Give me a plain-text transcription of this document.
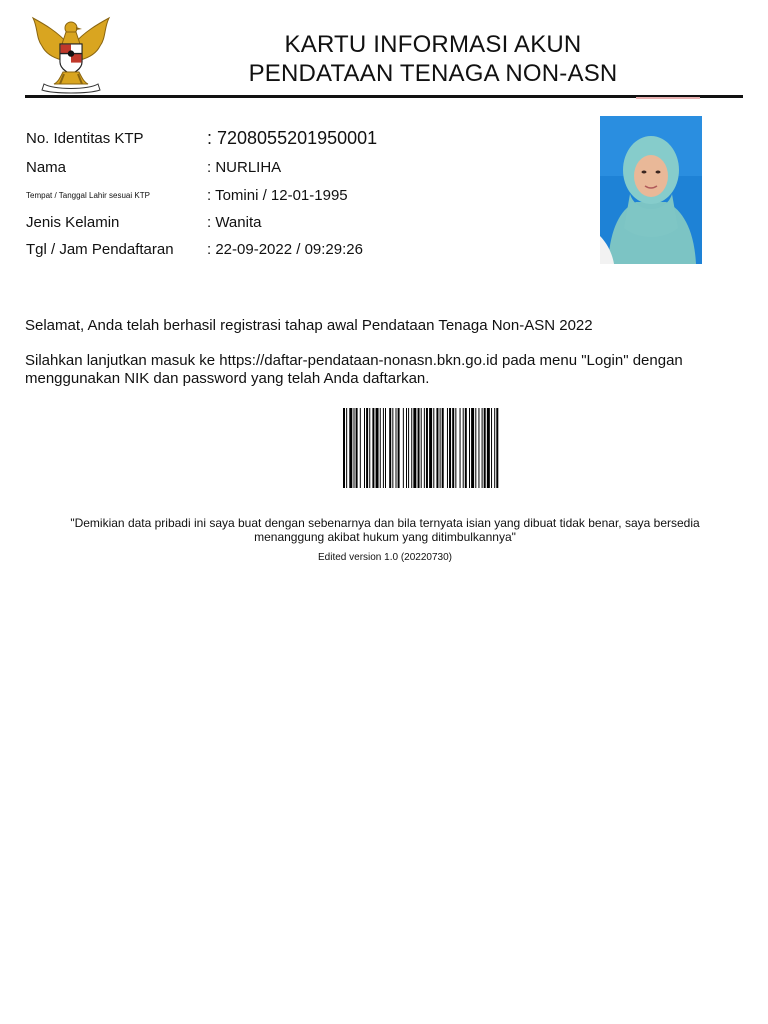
KARTU INFORMASI AKUN
PENDATAAN TENAGA NON-ASN
No. Identitas KTP	: 7208055201950001
Nama	: NURLIHA
Tempat / Tanggal Lahir sesuai KTP	: Tomini / 12-01-1995
Jenis Kelamin	: Wanita
Tgl / Jam Pendaftaran : 22-09-2022 / 09:29:26
Selamat, Anda telah berhasil registrasi tahap awal Pendataan Tenaga Non-ASN 2022
Silahkan lanjutkan masuk ke https://daftar-pendataan-nonasn.bkn.go.id pada menu "Login" dengan menggunakan NIK dan password yang telah Anda daftarkan.
"Demikian data pribadi ini saya buat dengan sebenarnya dan bila ternyata isian yang dibuat tidak benar, saya bersedia menanggung akibat hukum yang ditimbulkannya"
Edited version 1.0 (20220730)
